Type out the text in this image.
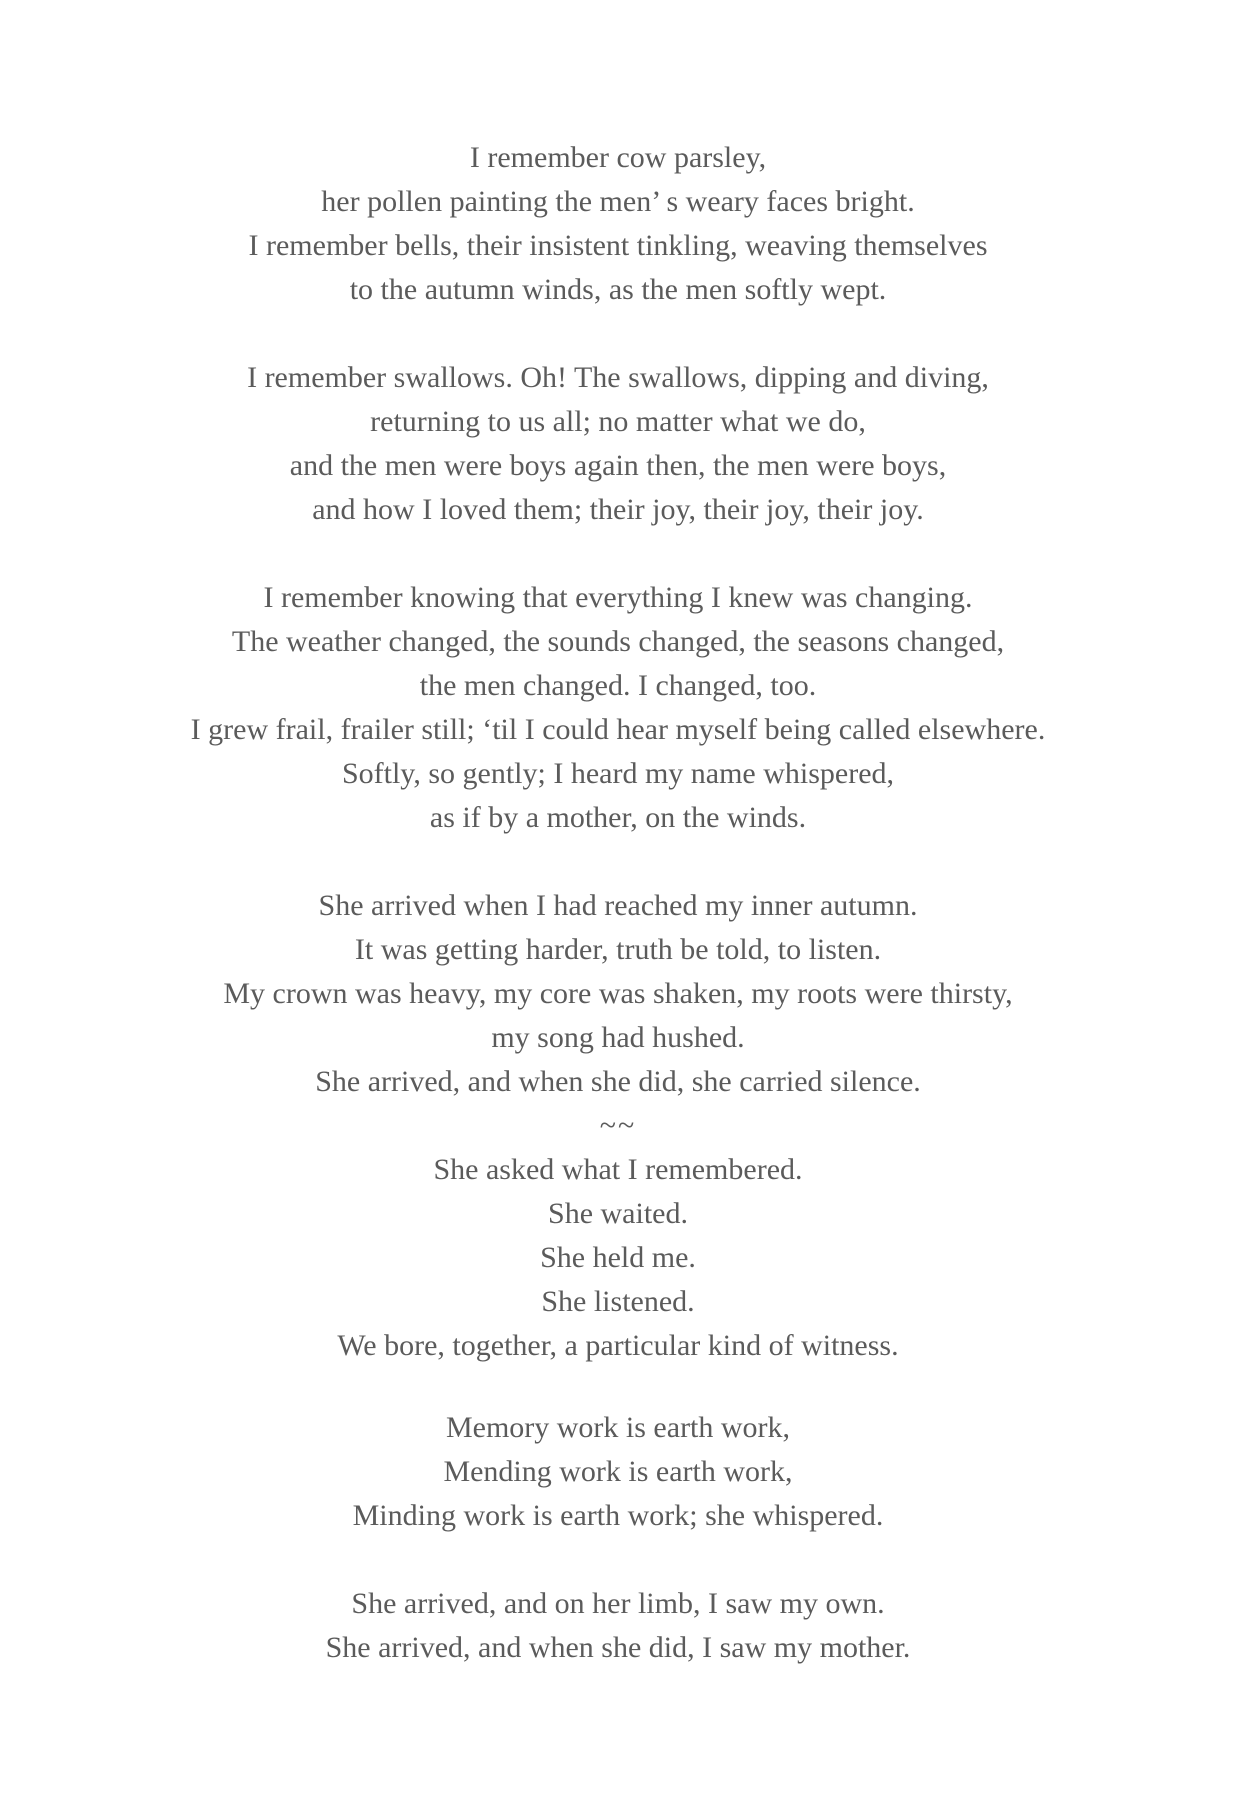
I remember cow parsley,
her pollen painting the men’ s weary faces bright.
I remember bells, their insistent tinkling, weaving themselves
to the autumn winds, as the men softly wept.
I remember swallows. Oh! The swallows, dipping and diving,
returning to us all; no matter what we do,
and the men were boys again then, the men were boys,
and how I loved them; their joy, their joy, their joy.
I remember knowing that everything I knew was changing.
The weather changed, the sounds changed, the seasons changed,
the men changed. I changed, too.
I grew frail, frailer still; ‘til I could hear myself being called elsewhere.
Softly, so gently; I heard my name whispered,
as if by a mother, on the winds.
She arrived when I had reached my inner autumn.
It was getting harder, truth be told, to listen.
My crown was heavy, my core was shaken, my roots were thirsty,
my song had hushed.
She arrived, and when she did, she carried silence.
~~
She asked what I remembered.
She waited.
She held me.
She listened.
We bore, together, a particular kind of witness.
Memory work is earth work,
Mending work is earth work,
Minding work is earth work; she whispered.
She arrived, and on her limb, I saw my own.
She arrived, and when she did, I saw my mother.
